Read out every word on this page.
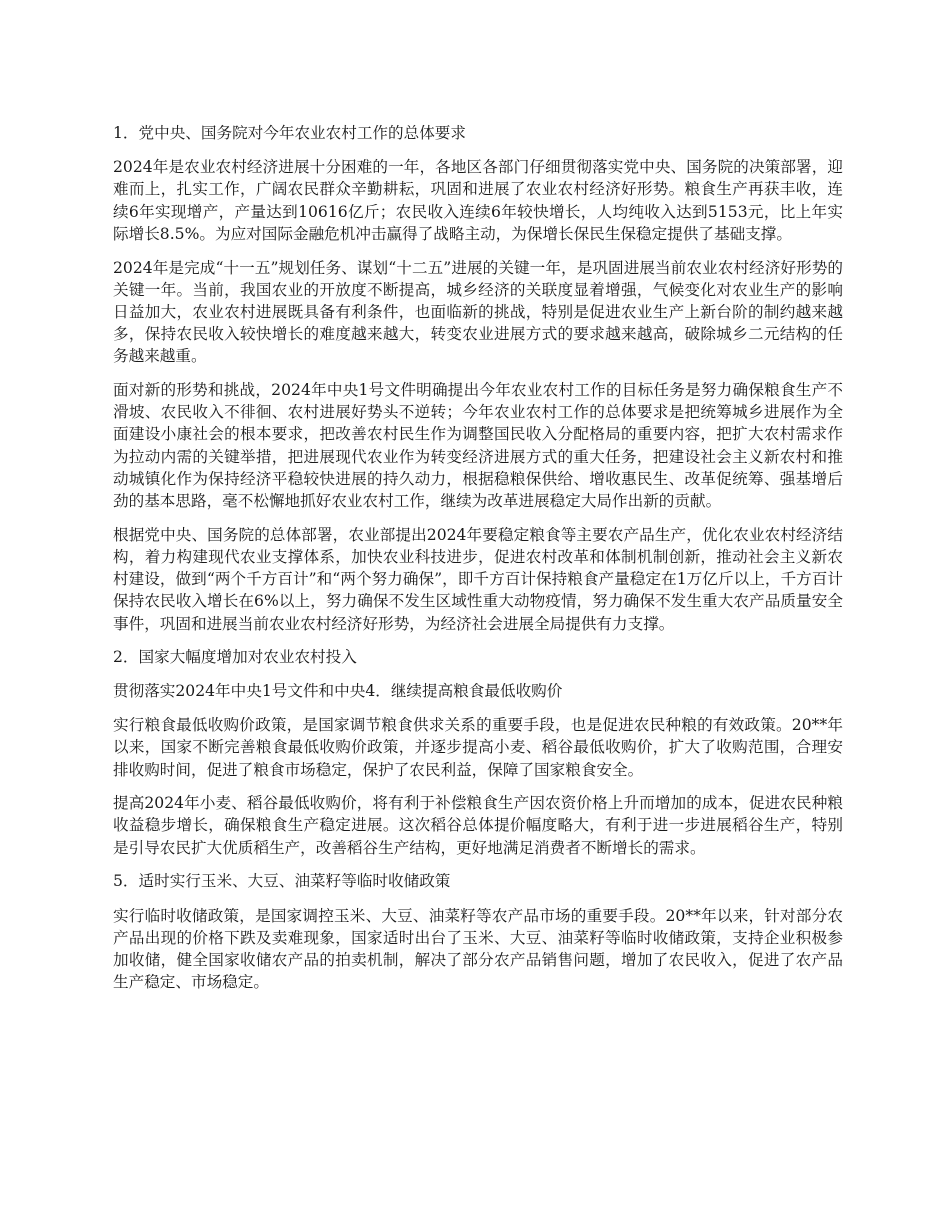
1．党中央、国务院对今年农业农村工作的总体要求

2024年是农业农村经济进展十分困难的一年，各地区各部门仔细贯彻落实党中央、国务院的决策部署，迎难而上，扎实工作，广阔农民群众辛勤耕耘，巩固和进展了农业农村经济好形势。粮食生产再获丰收，连续6年实现增产，产量达到10616亿斤；农民收入连续6年较快增长，人均纯收入达到5153元，比上年实际增长8.5%。为应对国际金融危机冲击赢得了战略主动，为保增长保民生保稳定提供了基础支撑。

2024年是完成“十一五”规划任务、谋划“十二五”进展的关键一年，是巩固进展当前农业农村经济好形势的关键一年。当前，我国农业的开放度不断提高，城乡经济的关联度显着增强，气候变化对农业生产的影响日益加大，农业农村进展既具备有利条件，也面临新的挑战，特别是促进农业生产上新台阶的制约越来越多，保持农民收入较快增长的难度越来越大，转变农业进展方式的要求越来越高，破除城乡二元结构的任务越来越重。

面对新的形势和挑战，2024年中央1号文件明确提出今年农业农村工作的目标任务是努力确保粮食生产不滑坡、农民收入不徘徊、农村进展好势头不逆转；今年农业农村工作的总体要求是把统筹城乡进展作为全面建设小康社会的根本要求，把改善农村民生作为调整国民收入分配格局的重要内容，把扩大农村需求作为拉动内需的关键举措，把进展现代农业作为转变经济进展方式的重大任务，把建设社会主义新农村和推动城镇化作为保持经济平稳较快进展的持久动力，根据稳粮保供给、增收惠民生、改革促统筹、强基增后劲的基本思路，毫不松懈地抓好农业农村工作，继续为改革进展稳定大局作出新的贡献。

根据党中央、国务院的总体部署，农业部提出2024年要稳定粮食等主要农产品生产，优化农业农村经济结构，着力构建现代农业支撑体系，加快农业科技进步，促进农村改革和体制机制创新，推动社会主义新农村建设，做到“两个千方百计”和“两个努力确保”，即千方百计保持粮食产量稳定在1万亿斤以上，千方百计保持农民收入增长在6%以上，努力确保不发生区域性重大动物疫情，努力确保不发生重大农产品质量安全事件，巩固和进展当前农业农村经济好形势，为经济社会进展全局提供有力支撑。

2．国家大幅度增加对农业农村投入

贯彻落实2024年中央1号文件和中央4．继续提高粮食最低收购价

实行粮食最低收购价政策，是国家调节粮食供求关系的重要手段，也是促进农民种粮的有效政策。20**年以来，国家不断完善粮食最低收购价政策，并逐步提高小麦、稻谷最低收购价，扩大了收购范围，合理安排收购时间，促进了粮食市场稳定，保护了农民利益，保障了国家粮食安全。

提高2024年小麦、稻谷最低收购价，将有利于补偿粮食生产因农资价格上升而增加的成本，促进农民种粮收益稳步增长，确保粮食生产稳定进展。这次稻谷总体提价幅度略大，有利于进一步进展稻谷生产，特别是引导农民扩大优质稻生产，改善稻谷生产结构，更好地满足消费者不断增长的需求。

5．适时实行玉米、大豆、油菜籽等临时收储政策

实行临时收储政策，是国家调控玉米、大豆、油菜籽等农产品市场的重要手段。20**年以来，针对部分农产品出现的价格下跌及卖难现象，国家适时出台了玉米、大豆、油菜籽等临时收储政策，支持企业积极参加收储，健全国家收储农产品的拍卖机制，解决了部分农产品销售问题，增加了农民收入，促进了农产品生产稳定、市场稳定。
